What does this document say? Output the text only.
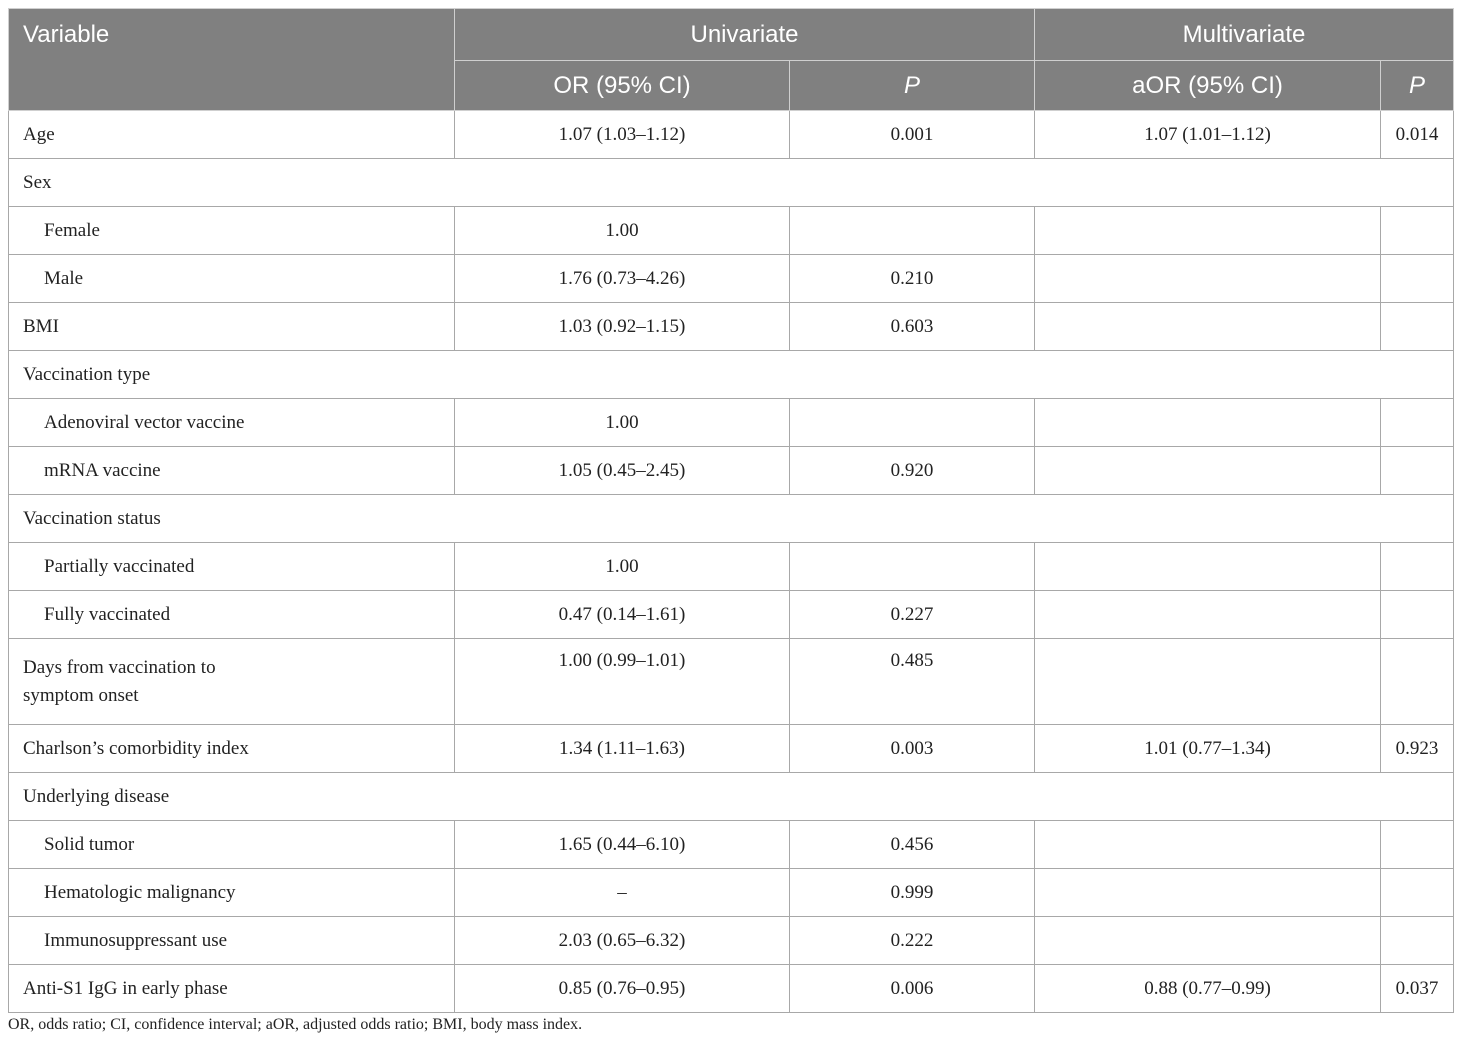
Variable	Univariate		Multivariate	
	OR (95% CI)	P	aOR (95% CI)	P
Age	1.07 (1.03–1.12)	0.001	1.07 (1.01–1.12)	0.014
Sex				
Female	1.00			
Male	1.76 (0.73–4.26)	0.210		
BMI	1.03 (0.92–1.15)	0.603		
Vaccination type				
Adenoviral vector vaccine	1.00			
mRNA vaccine	1.05 (0.45–2.45)	0.920		
Vaccination status				
Partially vaccinated	1.00			
Fully vaccinated	0.47 (0.14–1.61)	0.227		
Days from vaccination to
symptom onset	1.00 (0.99–1.01)	0.485		
Charlson’s comorbidity index	1.34 (1.11–1.63)	0.003	1.01 (0.77–1.34)	0.923
Underlying disease				
Solid tumor	1.65 (0.44–6.10)	0.456		
Hematologic malignancy	–	0.999		
Immunosuppressant use	2.03 (0.65–6.32)	0.222		
Anti-S1 IgG in early phase	0.85 (0.76–0.95)	0.006	0.88 (0.77–0.99)	0.037
OR, odds ratio; CI, confidence interval; aOR, adjusted odds ratio; BMI, body mass index.
